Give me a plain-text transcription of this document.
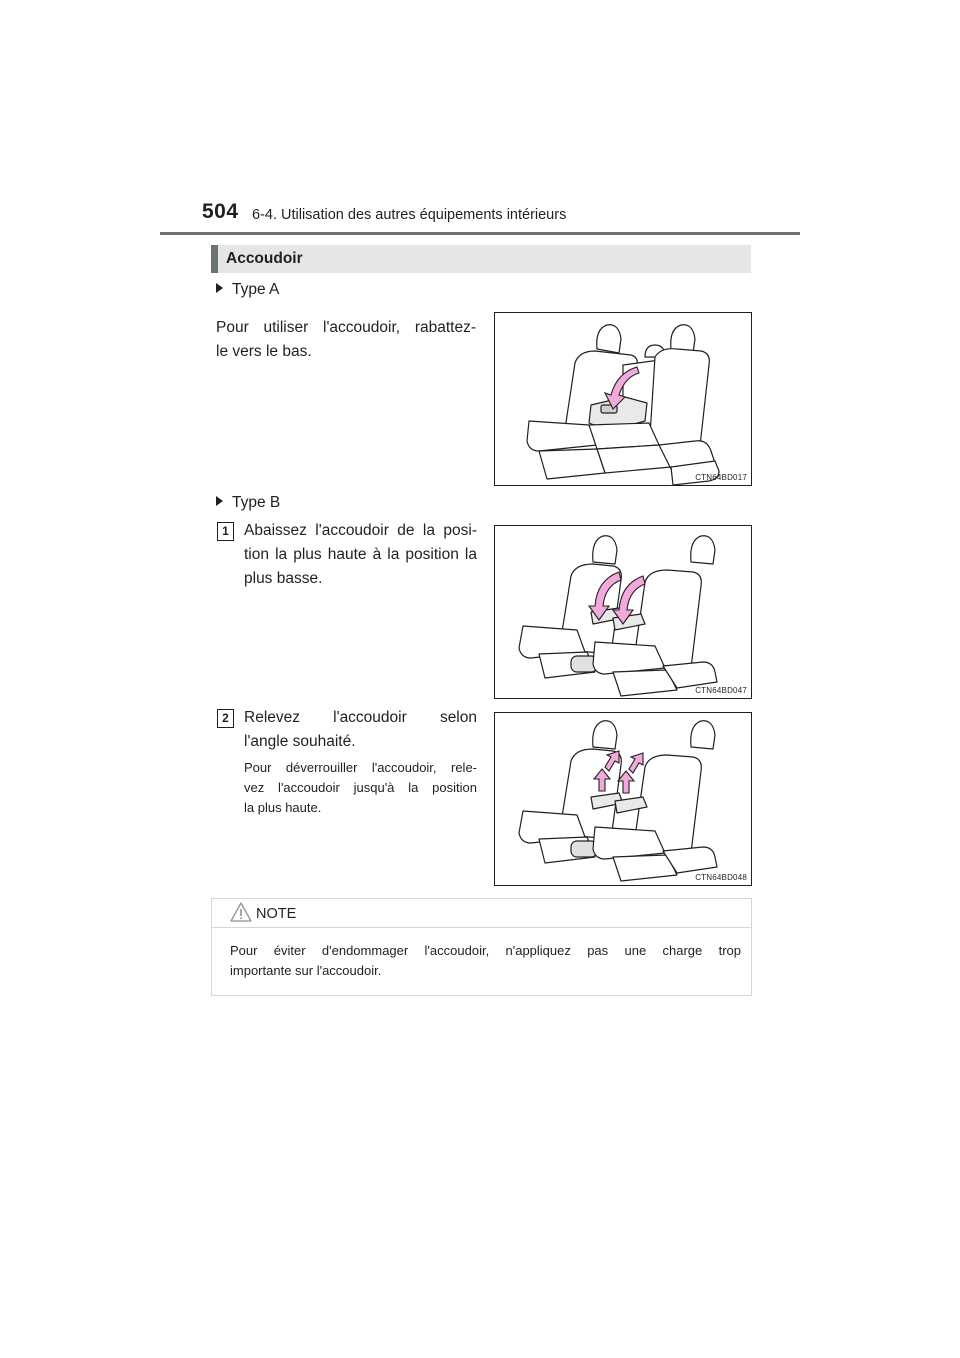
504 6-4. Utilisation des autres équipements intérieurs
Accoudoir
Type A
Pour utiliser l'accoudoir, rabattez-
le vers le bas.
CTN64BD017
Type B
1 Abaissez l'accoudoir de la posi-
tion la plus haute à la position la
plus basse.
CTN64BD047
2 Relevez l'accoudoir selon
l'angle souhaité.
Pour déverrouiller l'accoudoir, rele-
vez l'accoudoir jusqu'à la position
la plus haute.
CTN64BD048
NOTE
Pour éviter d'endommager l'accoudoir, n'appliquez pas une charge trop
importante sur l'accoudoir.
